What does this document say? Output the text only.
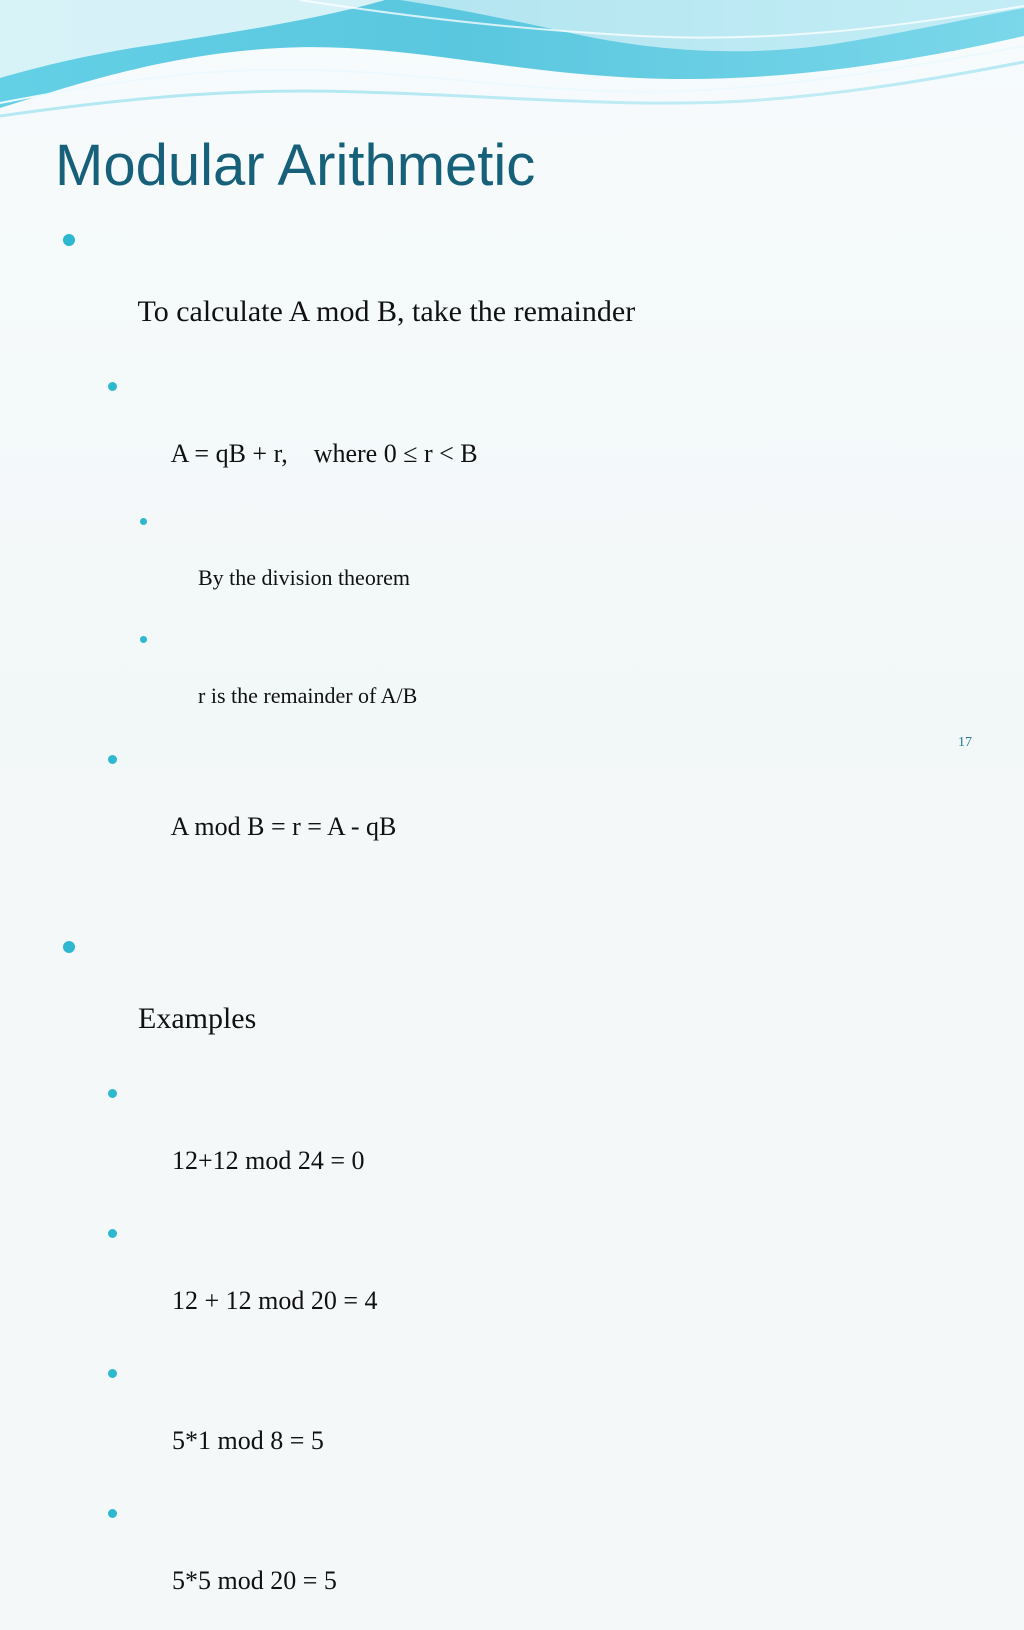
Modular Arithmetic

To calculate A mod B, take the remainder

A = qB + r,    where 0 ≤ r < B

By the division theorem

r is the remainder of A/B

A mod B = r = A - qB

Examples

12+12 mod 24 = 0

12 + 12 mod 20 = 4

5*1 mod 8 = 5

5*5 mod 20 = 5

17
